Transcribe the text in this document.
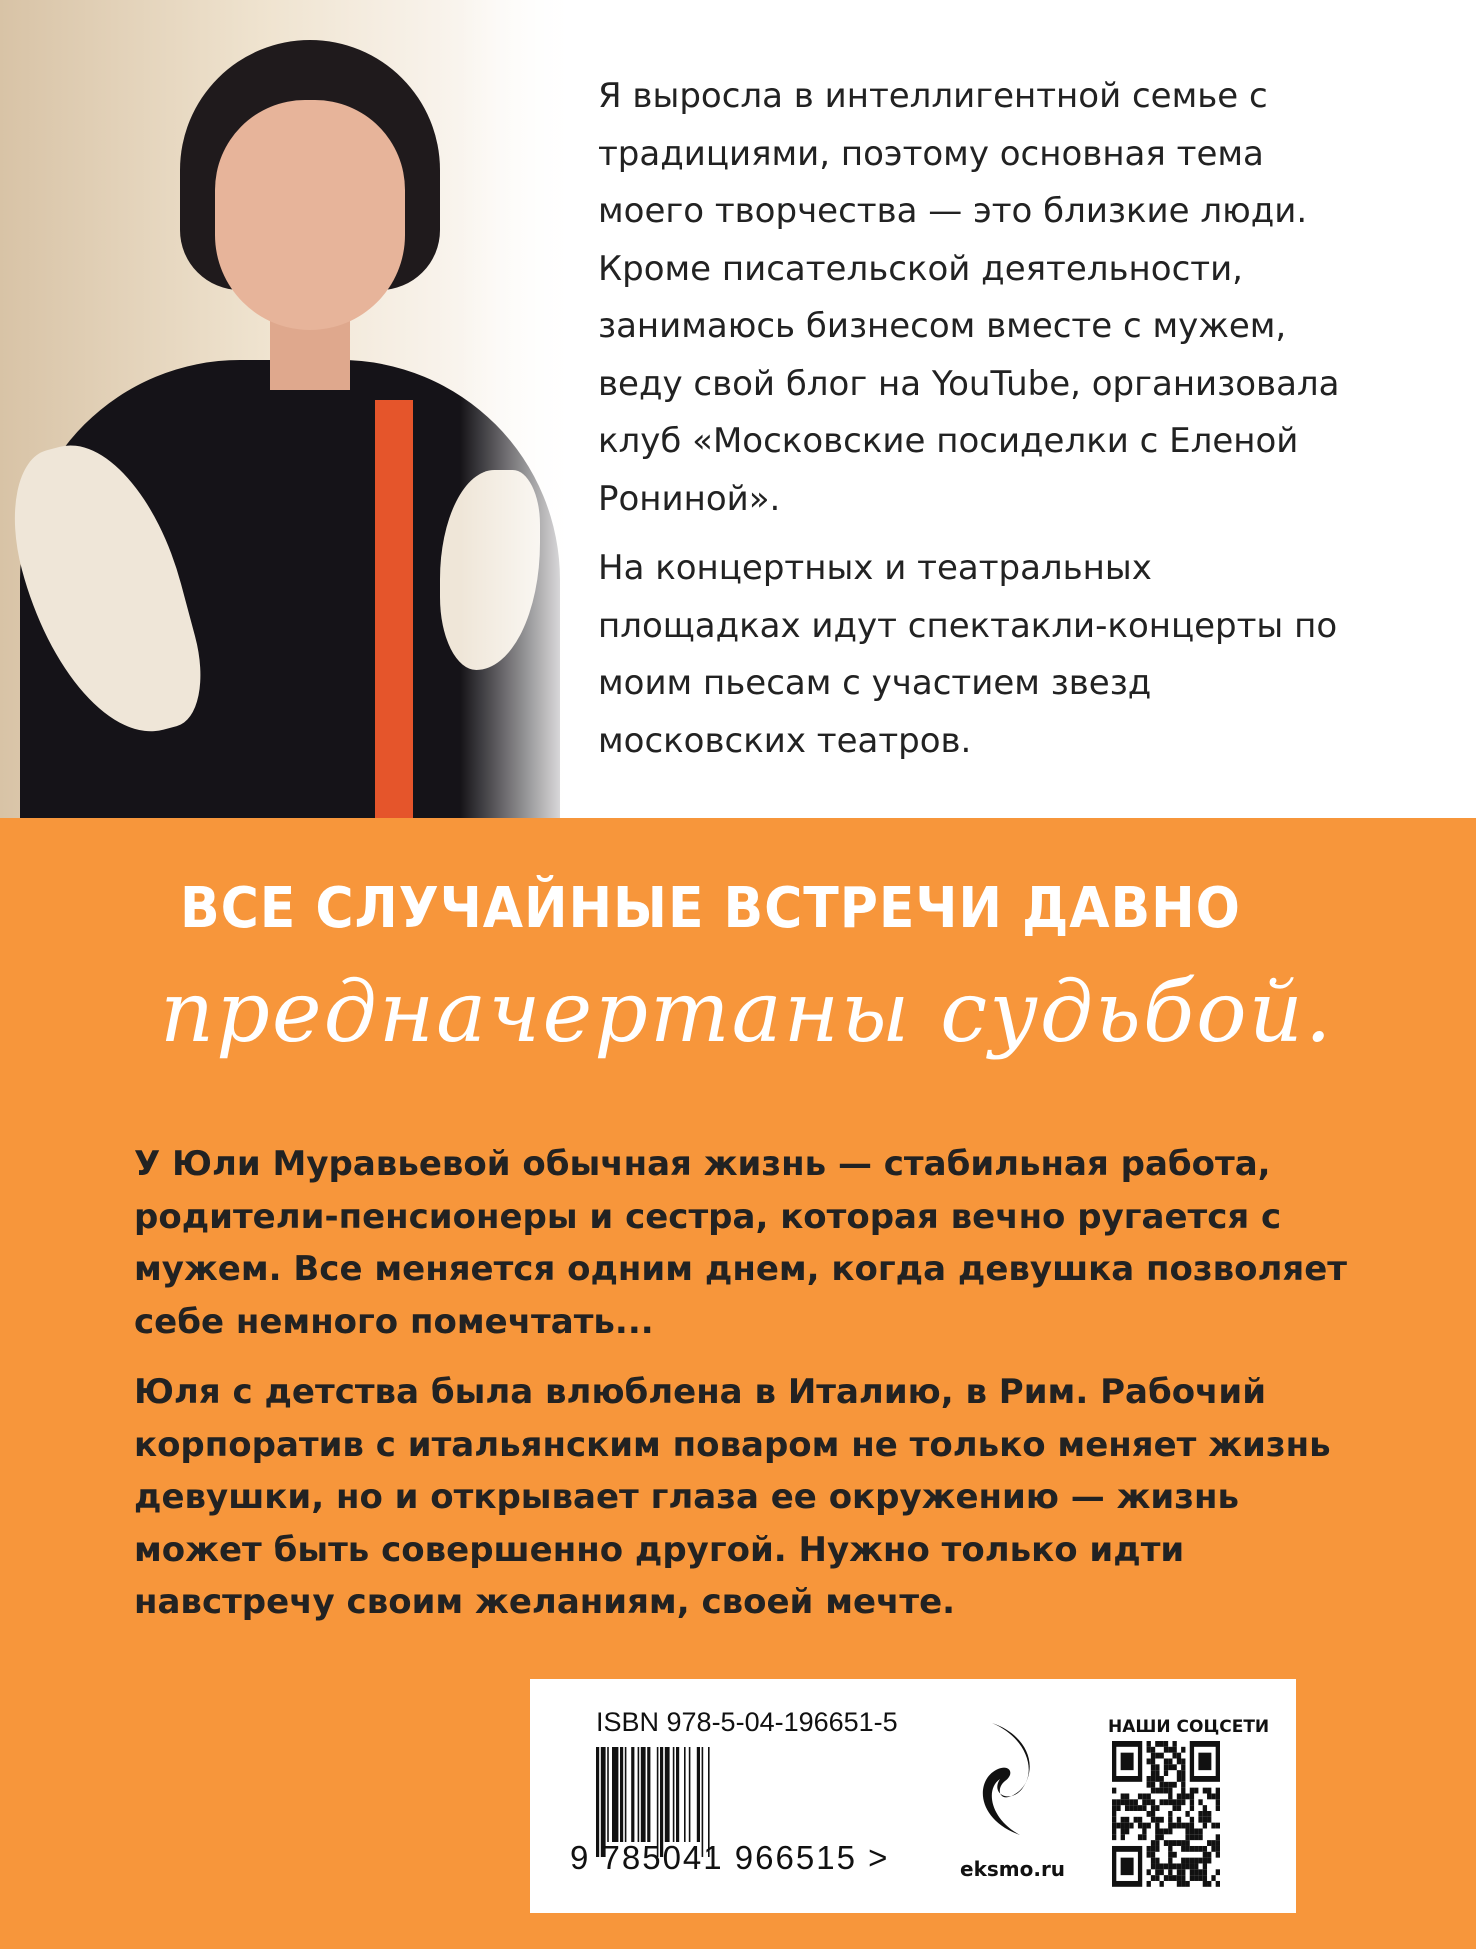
Я выросла в интеллигентной семье с традициями, поэтому основная тема моего творчества — это близкие люди. Кроме писательской деятельности, занимаюсь бизнесом вместе с мужем, веду свой блог на YouTube, организовала клуб «Московские посиделки с Еленой Рониной».

На концертных и театральных площадках идут спектакли-концерты по моим пьесам с участием звезд московских театров.

ВСЕ СЛУЧАЙНЫЕ ВСТРЕЧИ ДАВНО
предначертаны судьбой.

У Юли Муравьевой обычная жизнь — стабильная работа, родители-пенсионеры и сестра, которая вечно ругается с мужем. Все меняется одним днем, когда девушка позволяет себе немного помечтать...

Юля с детства была влюблена в Италию, в Рим. Рабочий корпоратив с итальянским поваром не только меняет жизнь девушки, но и открывает глаза ее окружению — жизнь может быть совершенно другой. Нужно только идти навстречу своим желаниям, своей мечте.

ISBN 978-5-04-196651-5
9 785041 966515 >	eksmo.ru
НАШИ СОЦСЕТИ
